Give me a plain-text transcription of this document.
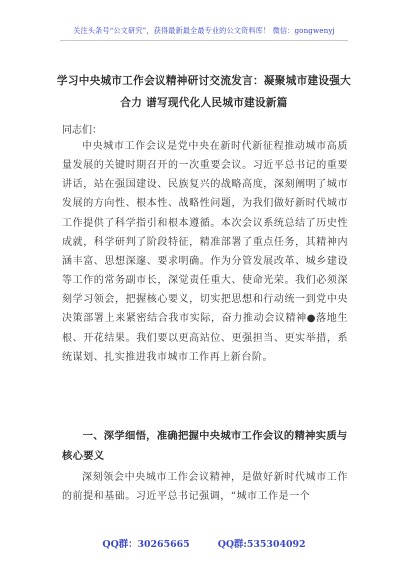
关注头条号“公文研究”，获得最新最全最专业的公文资料库！ 微信：gongwenyj
学习中央城市工作会议精神研讨交流发言：凝聚城市建设强大合力 谱写现代化人民城市建设新篇
同志们：

中央城市工作会议是党中央在新时代新征程推动城市高质量发展的关键时期召开的一次重要会议。习近平总书记的重要讲话，站在强国建设、民族复兴的战略高度，深刻阐明了城市发展的方向性、根本性、战略性问题，为我们做好新时代城市工作提供了科学指引和根本遵循。本次会议系统总结了历史性成就，科学研判了阶段特征，精准部署了重点任务，其精神内涵丰富、思想深邃、要求明确。作为分管发展改革、城乡建设等工作的常务副市长，深觉责任重大、使命光荣。我们必须深刻学习领会，把握核心要义，切实把思想和行动统一到党中央决策部署上来紧密结合我市实际，奋力推动会议精神●落地生根、开花结果。我们要以更高站位、更强担当、更实举措，系统谋划、扎实推进我市城市工作再上新台阶。

一、深学细悟，准确把握中央城市工作会议的精神实质与核心要义

深刻领会中央城市工作会议精神，是做好新时代城市工作的前提和基础。习近平总书记强调，“城市工作是一个

QQ群：30265665	QQ群:535304092
